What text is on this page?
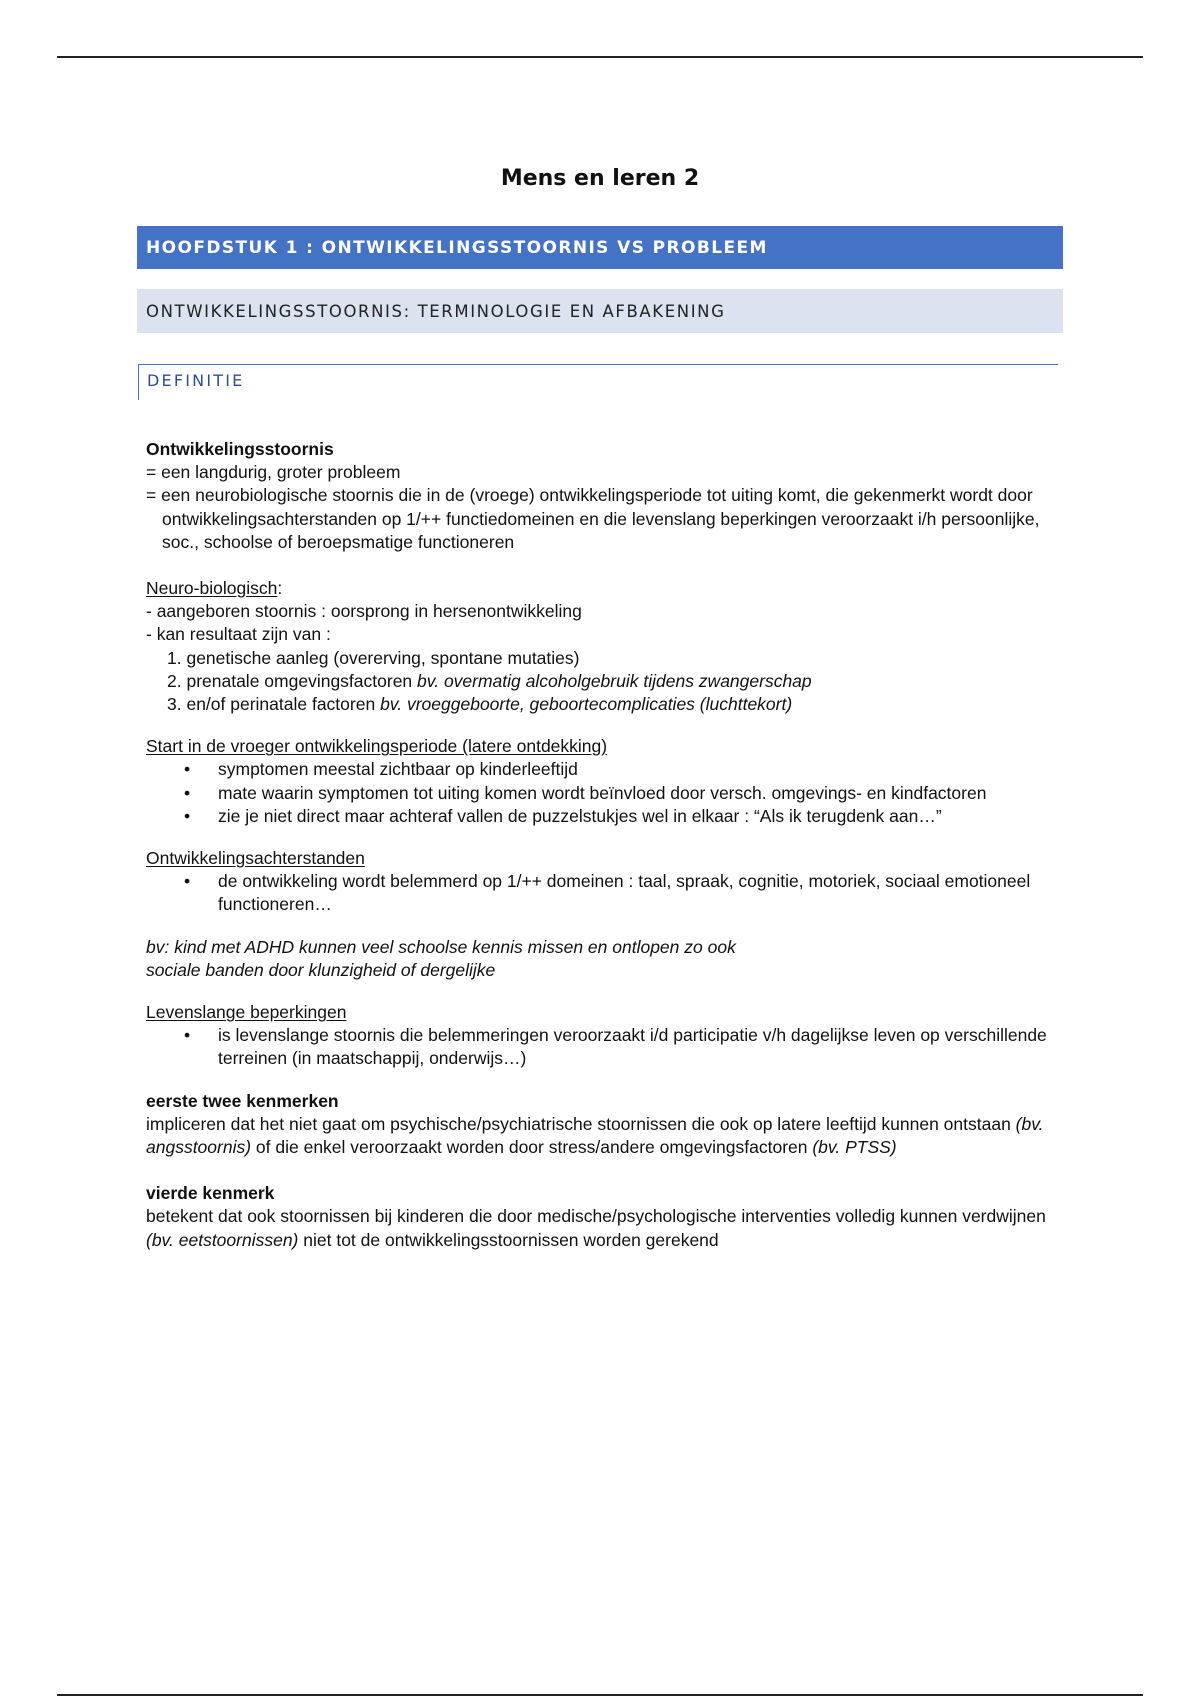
Mens en leren 2
HOOFDSTUK 1 : ONTWIKKELINGSSTOORNIS VS PROBLEEM
ONTWIKKELINGSSTOORNIS: TERMINOLOGIE EN AFBAKENING
DEFINITIE

Ontwikkelingsstoornis

= een langdurig, groter probleem

= een neurobiologische stoornis die in de (vroege) ontwikkelingsperiode tot uiting komt, die gekenmerkt wordt door ontwikkelingsachterstanden op 1/++ functiedomeinen en die levenslang beperkingen veroorzaakt i/h persoonlijke, soc., schoolse of beroepsmatige functioneren

Neuro-biologisch:

- aangeboren stoornis : oorsprong in hersenontwikkeling

- kan resultaat zijn van :

1. genetische aanleg (overerving, spontane mutaties)

2. prenatale omgevingsfactoren bv. overmatig alcoholgebruik tijdens zwangerschap

3. en/of perinatale factoren bv. vroeggeboorte, geboortecomplicaties (luchttekort)

Start in de vroeger ontwikkelingsperiode (latere ontdekking)

• symptomen meestal zichtbaar op kinderleeftijd

• mate waarin symptomen tot uiting komen wordt beïnvloed door versch. omgevings- en kindfactoren

• zie je niet direct maar achteraf vallen de puzzelstukjes wel in elkaar : “Als ik terugdenk aan…”

Ontwikkelingsachterstanden

• de ontwikkeling wordt belemmerd op 1/++ domeinen : taal, spraak, cognitie, motoriek, sociaal emotioneel functioneren…

bv: kind met ADHD kunnen veel schoolse kennis missen en ontlopen zo ook

sociale banden door klunzigheid of dergelijke

Levenslange beperkingen

• is levenslange stoornis die belemmeringen veroorzaakt i/d participatie v/h dagelijkse leven op verschillende terreinen (in maatschappij, onderwijs…)

eerste twee kenmerken

impliceren dat het niet gaat om psychische/psychiatrische stoornissen die ook op latere leeftijd kunnen ontstaan (bv. angsstoornis) of die enkel veroorzaakt worden door stress/andere omgevingsfactoren (bv. PTSS)

vierde kenmerk

betekent dat ook stoornissen bij kinderen die door medische/psychologische interventies volledig kunnen verdwijnen (bv. eetstoornissen) niet tot de ontwikkelingsstoornissen worden gerekend
